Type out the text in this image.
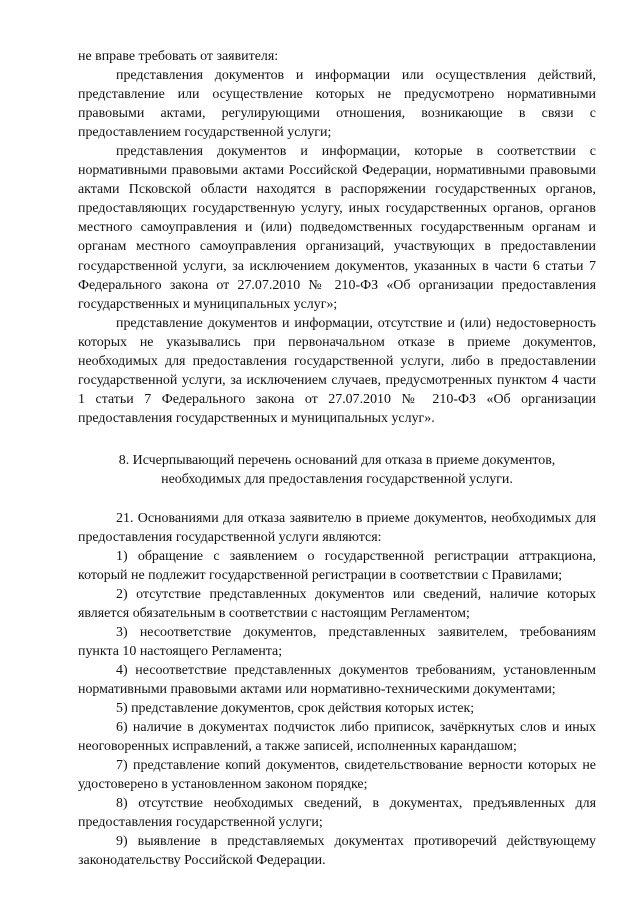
не вправе требовать от заявителя:

представления документов и информации или осуществления действий, представление или осуществление которых не предусмотрено нормативными правовыми актами, регулирующими отношения, возникающие в связи с предоставлением государственной услуги;

представления документов и информации, которые в соответствии с нормативными правовыми актами Российской Федерации, нормативными правовыми актами Псковской области находятся в распоряжении государственных органов, предоставляющих государственную услугу, иных государственных органов, органов местного самоуправления и (или) подведомственных государственным органам и органам местного самоуправления организаций, участвующих в предоставлении государственной услуги, за исключением документов, указанных в части 6 статьи 7 Федерального закона от 27.07.2010 № 210-ФЗ «Об организации предоставления государственных и муниципальных услуг»;

представление документов и информации, отсутствие и (или) недостоверность которых не указывались при первоначальном отказе в приеме документов, необходимых для предоставления государственной услуги, либо в предоставлении государственной услуги, за исключением случаев, предусмотренных пунктом 4 части 1 статьи 7 Федерального закона от 27.07.2010 № 210-ФЗ «Об организации предоставления государственных и муниципальных услуг».

8. Исчерпывающий перечень оснований для отказа в приеме документов,
необходимых для предоставления государственной услуги.

21. Основаниями для отказа заявителю в приеме документов, необходимых для предоставления государственной услуги являются:

1) обращение с заявлением о государственной регистрации аттракциона, который не подлежит государственной регистрации в соответствии с Правилами;

2) отсутствие представленных документов или сведений, наличие которых является обязательным в соответствии с настоящим Регламентом;

3) несоответствие документов, представленных заявителем, требованиям пункта 10 настоящего Регламента;

4) несоответствие представленных документов требованиям, установленным нормативными правовыми актами или нормативно-техническими документами;

5) представление документов, срок действия которых истек;

6) наличие в документах подчисток либо приписок, зачёркнутых слов и иных неоговоренных исправлений, а также записей, исполненных карандашом;

7) представление копий документов, свидетельствование верности которых не удостоверено в установленном законом порядке;

8) отсутствие необходимых сведений, в документах, предъявленных для предоставления государственной услуги;

9) выявление в представляемых документах противоречий действующему законодательству Российской Федерации.
